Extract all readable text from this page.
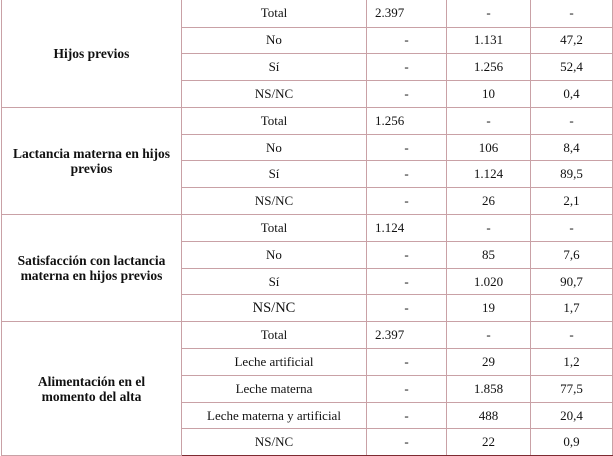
Hijos previos	Total	2.397	-	-
	No	-	1.131	47,2
	Sí	-	1.256	52,4
	NS/NC	-	10	0,4
Lactancia materna en hijos previos	Total	1.256	-	-
	No	-	106	8,4
	Sí	-	1.124	89,5
	NS/NC	-	26	2,1
Satisfacción con lactancia materna en hijos previos	Total	1.124	-	-
	No	-	85	7,6
	Sí	-	1.020	90,7
	NS/NC	-	19	1,7
Alimentación en el momento del alta	Total	2.397	-	-
	Leche artificial	-	29	1,2
	Leche materna	-	1.858	77,5
	Leche materna y artificial	-	488	20,4
	NS/NC	-	22	0,9
